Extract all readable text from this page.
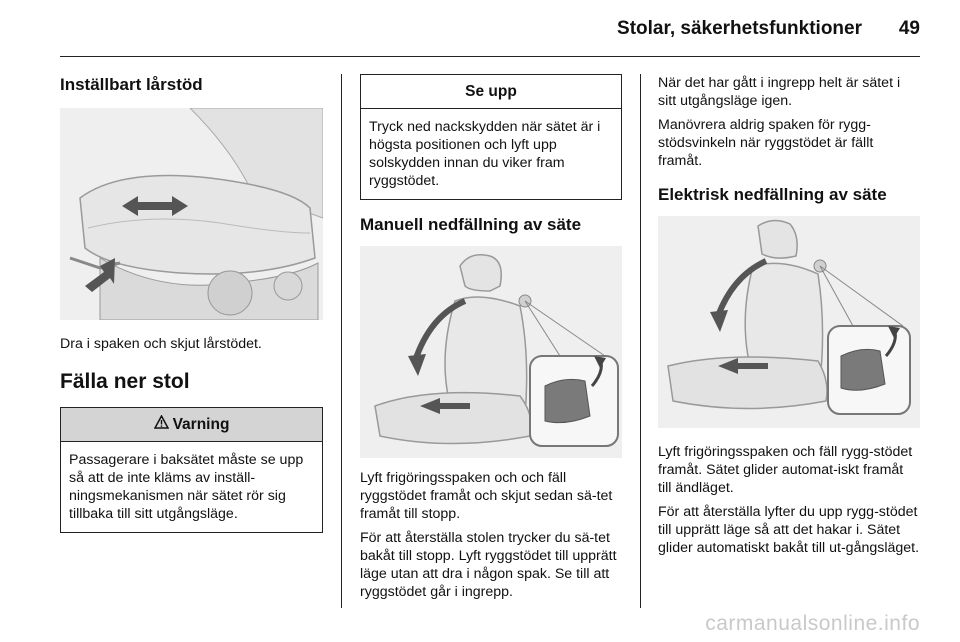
Stolar, säkerhetsfunktioner 49
Inställbart lårstöd

Dra i spaken och skjut lårstödet.

Fälla ner stol
Varning
Passagerare i baksätet måste se upp så att de inte kläms av inställ-ningsmekanismen när sätet rör sig tillbaka till sitt utgångsläge.
Se upp
Tryck ned nackskydden när sätet är i högsta positionen och lyft upp solskydden innan du viker fram ryggstödet.
Manuell nedfällning av säte

Lyft frigöringsspaken och och fäll ryggstödet framåt och skjut sedan sä-tet framåt till stopp.

För att återställa stolen trycker du sä-tet bakåt till stopp. Lyft ryggstödet till upprätt läge utan att dra i någon spak. Se till att ryggstödet går i ingrepp.

När det har gått i ingrepp helt är sätet i sitt utgångsläge igen.

Manövrera aldrig spaken för rygg-stödsvinkeln när ryggstödet är fällt framåt.

Elektrisk nedfällning av säte

Lyft frigöringsspaken och fäll rygg-stödet framåt. Sätet glider automat-iskt framåt till ändläget.

För att återställa lyfter du upp rygg-stödet till upprätt läge så att det hakar i. Sätet glider automatiskt bakåt till ut-gångsläget.

carmanualsonline.info
